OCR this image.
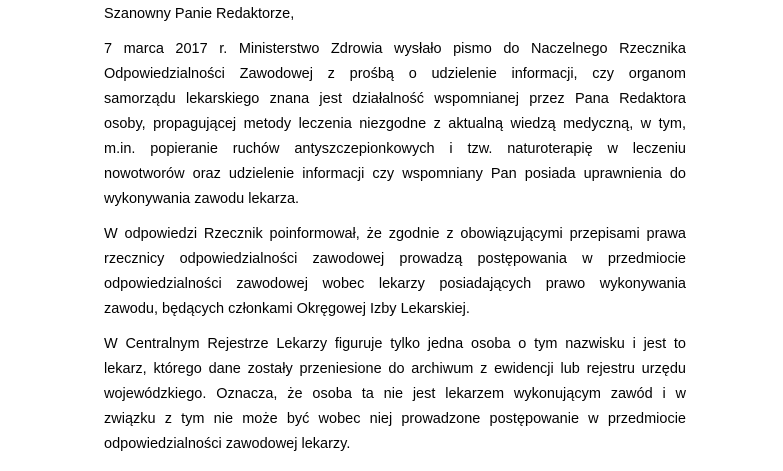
Szanowny Panie Redaktorze,
7 marca 2017 r. Ministerstwo Zdrowia wysłało pismo do Naczelnego Rzecznika
Odpowiedzialności Zawodowej z prośbą o udzielenie informacji, czy organom
samorządu lekarskiego znana jest działalność wspomnianej przez Pana Redaktora
osoby, propagującej metody leczenia niezgodne z aktualną wiedzą medyczną, w tym,
m.in. popieranie ruchów antyszczepionkowych i tzw. naturoterapię w leczeniu
nowotworów oraz udzielenie informacji czy wspomniany Pan posiada uprawnienia do
wykonywania zawodu lekarza.
W odpowiedzi Rzecznik poinformował, że zgodnie z obowiązującymi przepisami prawa
rzecznicy odpowiedzialności zawodowej prowadzą postępowania w przedmiocie
odpowiedzialności zawodowej wobec lekarzy posiadających prawo wykonywania
zawodu, będących członkami Okręgowej Izby Lekarskiej.
W Centralnym Rejestrze Lekarzy figuruje tylko jedna osoba o tym nazwisku i jest to
lekarz, którego dane zostały przeniesione do archiwum z ewidencji lub rejestru urzędu
wojewódzkiego. Oznacza, że osoba ta nie jest lekarzem wykonującym zawód i w
związku z tym nie może być wobec niej prowadzone postępowanie w przedmiocie
odpowiedzialności zawodowej lekarzy.
